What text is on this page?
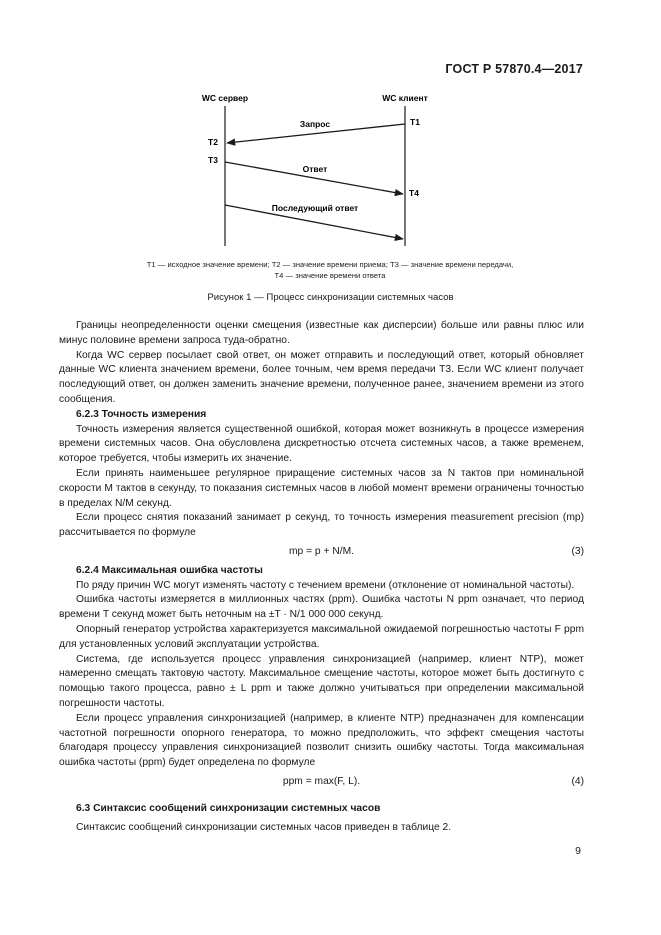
ГОСТ Р 57870.4—2017
WC сервер	WC клиент
Запрос	T1
T2
Ответ
T3
T4
Последующий ответ
T1 — исходное значение времени; T2 — значение времени приема; T3 — значение времени передачи,
T4 — значение времени ответа
Рисунок 1 — Процесс синхронизации системных часов

Границы неопределенности оценки смещения (известные как дисперсии) больше или равны плюс или минус половине времени запроса туда-обратно.

Когда WC сервер посылает свой ответ, он может отправить и последующий ответ, который обновляет данные WC клиента значением времени, более точным, чем время передачи T3. Если WC клиент получает последующий ответ, он должен заменить значение времени, полученное ранее, значением времени из этого сообщения.

6.2.3 Точность измерения

Точность измерения является существенной ошибкой, которая может возникнуть в процессе измерения времени системных часов. Она обусловлена дискретностью отсчета системных часов, а также временем, которое требуется, чтобы измерить их значение.

Если принять наименьшее регулярное приращение системных часов за N тактов при номинальной скорости M тактов в секунду, то показания системных часов в любой момент времени ограничены точностью в пределах N/M секунд.

Если процесс снятия показаний занимает p секунд, то точность измерения measurement precision (mp) рассчитывается по формуле

mp = p + N/M.	(3)
6.2.4 Максимальная ошибка частоты

По ряду причин WC могут изменять частоту с течением времени (отклонение от номинальной частоты).

Ошибка частоты измеряется в миллионных частях (ppm). Ошибка частоты N ppm означает, что период времени T секунд может быть неточным на ±T · N/1 000 000 секунд.

Опорный генератор устройства характеризуется максимальной ожидаемой погрешностью частоты F ppm для установленных условий эксплуатации устройства.

Система, где используется процесс управления синхронизацией (например, клиент NTP), может намеренно смещать тактовую частоту. Максимальное смещение частоты, которое может быть достигнуто с помощью такого процесса, равно ± L ppm и также должно учитываться при определении максимальной погрешности частоты.

Если процесс управления синхронизацией (например, в клиенте NTP) предназначен для компенсации частотной погрешности опорного генератора, то можно предположить, что эффект смещения частоты благодаря процессу управления синхронизацией позволит снизить ошибку частоты. Тогда максимальная ошибка частоты (ppm) будет определена по формуле

ppm = max(F, L).	(4)
6.3 Синтаксис сообщений синхронизации системных часов

Синтаксис сообщений синхронизации системных часов приведен в таблице 2.

9
